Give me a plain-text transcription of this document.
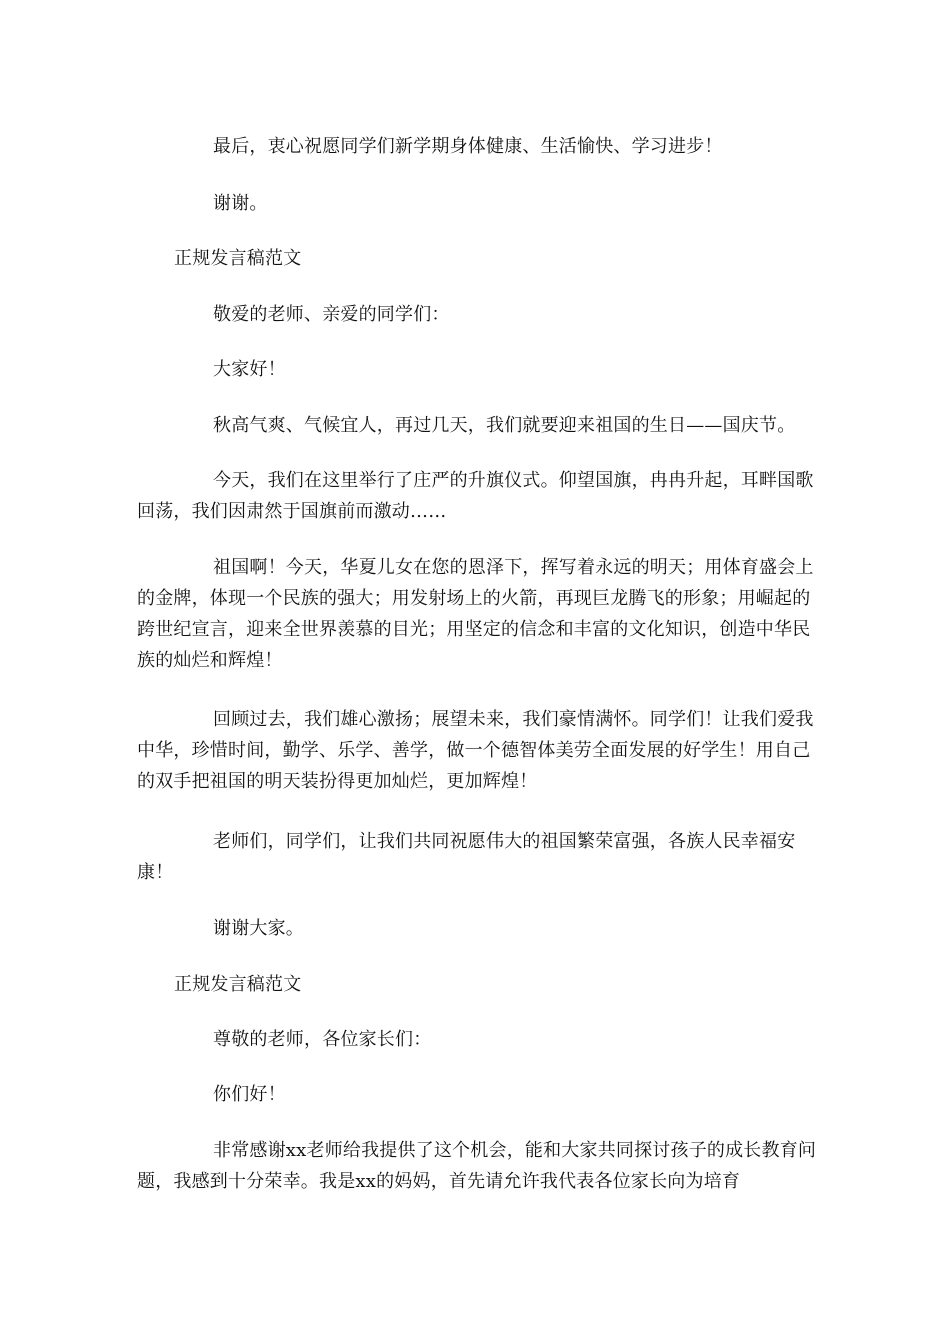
最后，衷心祝愿同学们新学期身体健康、生活愉快、学习进步！

谢谢。

正规发言稿范文

敬爱的老师、亲爱的同学们：

大家好！

秋高气爽、气候宜人，再过几天，我们就要迎来祖国的生日——国庆节。

今天，我们在这里举行了庄严的升旗仪式。仰望国旗，冉冉升起，耳畔国歌回荡，我们因肃然于国旗前而激动……

祖国啊！今天，华夏儿女在您的恩泽下，挥写着永远的明天；用体育盛会上的金牌，体现一个民族的强大；用发射场上的火箭，再现巨龙腾飞的形象；用崛起的跨世纪宣言，迎来全世界羡慕的目光；用坚定的信念和丰富的文化知识，创造中华民族的灿烂和辉煌！

回顾过去，我们雄心激扬；展望未来，我们豪情满怀。同学们！让我们爱我中华，珍惜时间，勤学、乐学、善学，做一个德智体美劳全面发展的好学生！用自己的双手把祖国的明天装扮得更加灿烂，更加辉煌！

老师们，同学们，让我们共同祝愿伟大的祖国繁荣富强，各族人民幸福安康！

谢谢大家。

正规发言稿范文

尊敬的老师，各位家长们：

你们好！

非常感谢xx老师给我提供了这个机会，能和大家共同探讨孩子的成长教育问题，我感到十分荣幸。我是xx的妈妈，首先请允许我代表各位家长向为培育
